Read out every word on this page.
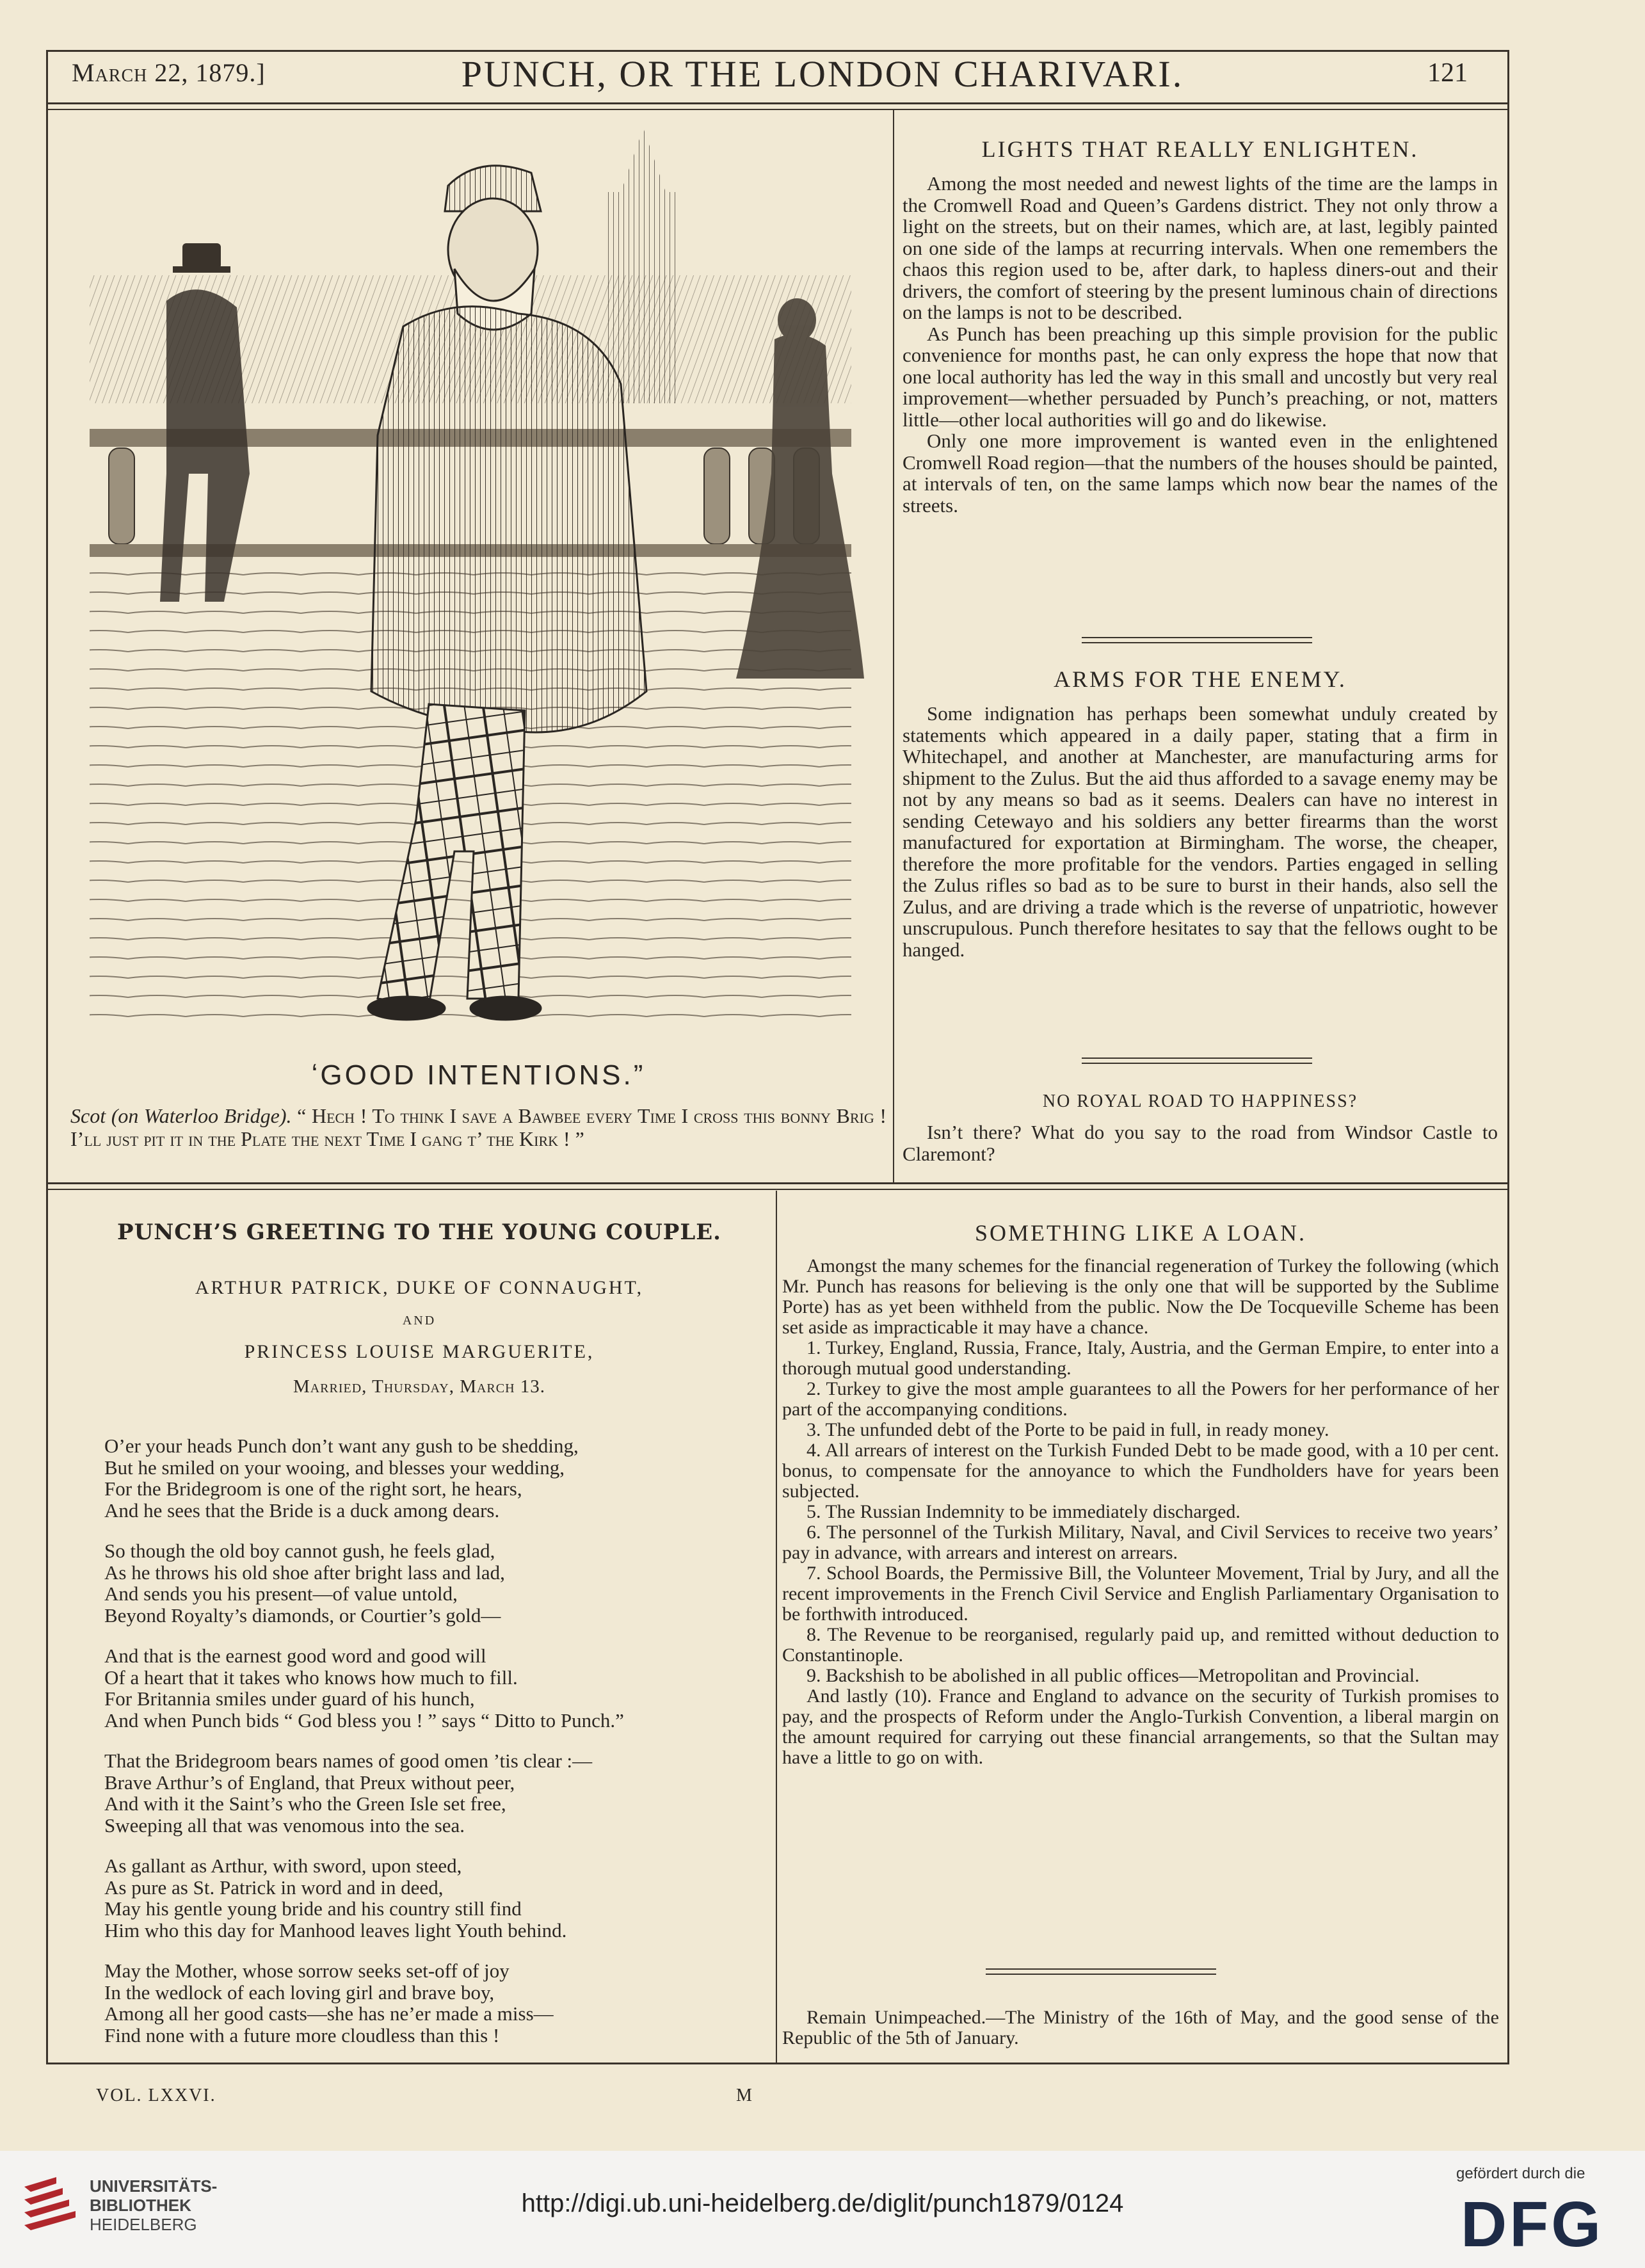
March 22, 1879.]	PUNCH, OR THE LONDON CHARIVARI.	121
ʻGOOD INTENTIONS.”
Scot (on Waterloo Bridge). “ Hech ! To think I save a Bawbee every Time I cross this bonny Brig ! I’ll just pit it in the Plate the next Time I gang t’ the Kirk ! ”
LIGHTS THAT REALLY ENLIGHTEN.

Among the most needed and newest lights of the time are the lamps in the Cromwell Road and Queen’s Gardens district. They not only throw a light on the streets, but on their names, which are, at last, legibly painted on one side of the lamps at recurring intervals. When one remembers the chaos this region used to be, after dark, to hapless diners-out and their drivers, the comfort of steering by the present luminous chain of directions on the lamps is not to be described.

As Punch has been preaching up this simple provision for the public convenience for months past, he can only express the hope that now that one local authority has led the way in this small and uncostly but very real improvement—whether persuaded by Punch’s preaching, or not, matters little—other local authorities will go and do likewise.

Only one more improvement is wanted even in the enlightened Cromwell Road region—that the numbers of the houses should be painted, at intervals of ten, on the same lamps which now bear the names of the streets.

ARMS FOR THE ENEMY.

Some indignation has perhaps been somewhat unduly created by statements which appeared in a daily paper, stating that a firm in Whitechapel, and another at Manchester, are manufacturing arms for shipment to the Zulus. But the aid thus afforded to a savage enemy may be not by any means so bad as it seems. Dealers can have no interest in sending Cetewayo and his soldiers any better firearms than the worst manufactured for exportation at Birmingham. The worse, the cheaper, therefore the more profitable for the vendors. Parties engaged in selling the Zulus rifles so bad as to be sure to burst in their hands, also sell the Zulus, and are driving a trade which is the reverse of unpatriotic, however unscrupulous. Punch therefore hesitates to say that the fellows ought to be hanged.

NO ROYAL ROAD TO HAPPINESS?

Isn’t there? What do you say to the road from Windsor Castle to Claremont?

PUNCH’S GREETING TO THE YOUNG COUPLE.
ARTHUR PATRICK, DUKE OF CONNAUGHT,
AND
PRINCESS LOUISE MARGUERITE,
Married, Thursday, March 13.

O’er your heads Punch don’t want any gush to be shedding,

But he smiled on your wooing, and blesses your wedding,

For the Bridegroom is one of the right sort, he hears,

And he sees that the Bride is a duck among dears.

So though the old boy cannot gush, he feels glad,

As he throws his old shoe after bright lass and lad,

And sends you his present—of value untold,

Beyond Royalty’s diamonds, or Courtier’s gold—

And that is the earnest good word and good will

Of a heart that it takes who knows how much to fill.

For Britannia smiles under guard of his hunch,

And when Punch bids “ God bless you ! ” says “ Ditto to Punch.”

That the Bridegroom bears names of good omen ’tis clear :—

Brave Arthur’s of England, that Preux without peer,

And with it the Saint’s who the Green Isle set free,

Sweeping all that was venomous into the sea.

As gallant as Arthur, with sword, upon steed,

As pure as St. Patrick in word and in deed,

May his gentle young bride and his country still find

Him who this day for Manhood leaves light Youth behind.

May the Mother, whose sorrow seeks set-off of joy

In the wedlock of each loving girl and brave boy,

Among all her good casts—she has ne’er made a miss—

Find none with a future more cloudless than this !

SOMETHING LIKE A LOAN.

Amongst the many schemes for the financial regeneration of Turkey the following (which Mr. Punch has reasons for believing is the only one that will be supported by the Sublime Porte) has as yet been withheld from the public. Now the De Tocqueville Scheme has been set aside as impracticable it may have a chance.

1. Turkey, England, Russia, France, Italy, Austria, and the German Empire, to enter into a thorough mutual good understanding.

2. Turkey to give the most ample guarantees to all the Powers for her performance of her part of the accompanying conditions.

3. The unfunded debt of the Porte to be paid in full, in ready money.

4. All arrears of interest on the Turkish Funded Debt to be made good, with a 10 per cent. bonus, to compensate for the annoyance to which the Fundholders have for years been subjected.

5. The Russian Indemnity to be immediately discharged.

6. The personnel of the Turkish Military, Naval, and Civil Services to receive two years’ pay in advance, with arrears and interest on arrears.

7. School Boards, the Permissive Bill, the Volunteer Movement, Trial by Jury, and all the recent improvements in the French Civil Service and English Parliamentary Organisation to be forthwith introduced.

8. The Revenue to be reorganised, regularly paid up, and remitted without deduction to Constantinople.

9. Backshish to be abolished in all public offices—Metropolitan and Provincial.

And lastly (10). France and England to advance on the security of Turkish promises to pay, and the prospects of Reform under the Anglo-Turkish Convention, a liberal margin on the amount required for carrying out these financial arrangements, so that the Sultan may have a little to go on with.

Remain Unimpeached.—The Ministry of the 16th of May, and the good sense of the Republic of the 5th of January.

VOL. LXXVI.	M
UNIVERSITÄTS-
BIBLIOTHEK
HEIDELBERG
http://digi.ub.uni-heidelberg.de/diglit/punch1879/0124
gefördert durch die
DFG
